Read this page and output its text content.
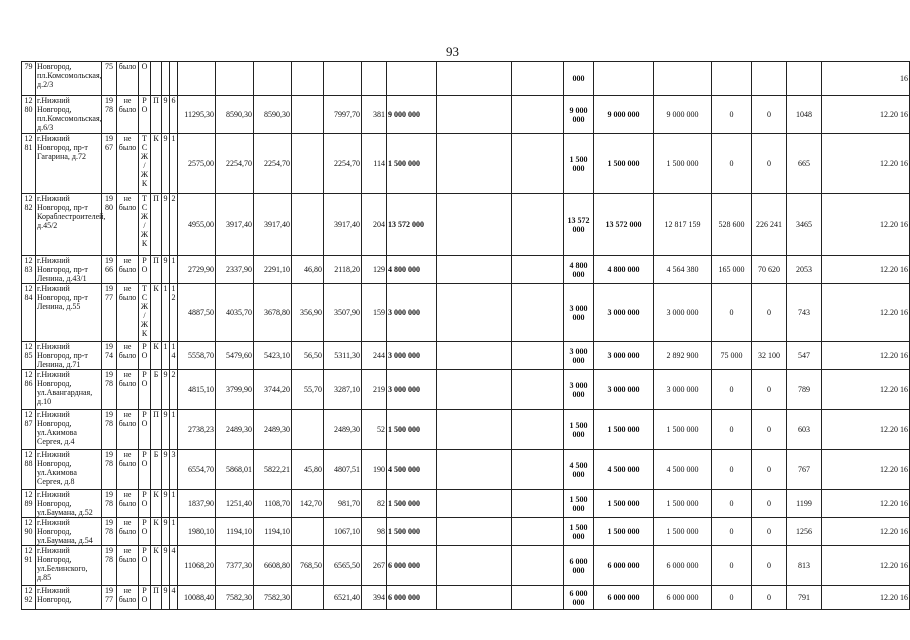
93
79	Новгород, пл.Комсомольская, д.2/3	75	было	О													000						16
12 80	г.Нижний Новгород, пл.Комсомольская, д.6/3	19 78	не было	Р О	П	9	6	11295,30	8590,30	8590,30		7997,70	381	9 000 000			9 000 000	9 000 000	9 000 000	0	0	1048	12.20 16
12 81	г.Нижний Новгород, пр-т Гагарина, д.72	19 67	не было	Т С Ж / Ж К	К	9	1	2575,00	2254,70	2254,70		2254,70	114	1 500 000			1 500 000	1 500 000	1 500 000	0	0	665	12.20 16
12 82	г.Нижний Новгород, пр-т Кораблестроителей, д.45/2	19 80	не было	Т С Ж / Ж К	П	9	2	4955,00	3917,40	3917,40		3917,40	204	13 572 000			13 572 000	13 572 000	12 817 159	528 600	226 241	3465	12.20 16
12 83	г.Нижний Новгород, пр-т Ленина, д.43/1	19 66	не было	Р О	П	9	1	2729,90	2337,90	2291,10	46,80	2118,20	129	4 800 000			4 800 000	4 800 000	4 564 380	165 000	70 620	2053	12.20 16
12 84	г.Нижний Новгород, пр-т Ленина, д.55	19 77	не было	Т С Ж / Ж К	К	1	1 2	4887,50	4035,70	3678,80	356,90	3507,90	159	3 000 000			3 000 000	3 000 000	3 000 000	0	0	743	12.20 16
12 85	г.Нижний Новгород, пр-т Ленина, д.71	19 74	не было	Р О	К	1	1 4	5558,70	5479,60	5423,10	56,50	5311,30	244	3 000 000			3 000 000	3 000 000	2 892 900	75 000	32 100	547	12.20 16
12 86	г.Нижний Новгород, ул.Авангардная, д.10	19 78	не было	Р О	Б	9	2	4815,10	3799,90	3744,20	55,70	3287,10	219	3 000 000			3 000 000	3 000 000	3 000 000	0	0	789	12.20 16
12 87	г.Нижний Новгород, ул.Акимова Сергея, д.4	19 78	не было	Р О	П	9	1	2738,23	2489,30	2489,30		2489,30	52	1 500 000			1 500 000	1 500 000	1 500 000	0	0	603	12.20 16
12 88	г.Нижний Новгород, ул.Акимова Сергея, д.8	19 78	не было	Р О	Б	9	3	6554,70	5868,01	5822,21	45,80	4807,51	190	4 500 000			4 500 000	4 500 000	4 500 000	0	0	767	12.20 16
12 89	г.Нижний Новгород, ул.Баумана, д.52	19 78	не было	Р О	К	9	1	1837,90	1251,40	1108,70	142,70	981,70	82	1 500 000			1 500 000	1 500 000	1 500 000	0	0	1199	12.20 16
12 90	г.Нижний Новгород, ул.Баумана, д.54	19 78	не было	Р О	К	9	1	1980,10	1194,10	1194,10		1067,10	98	1 500 000			1 500 000	1 500 000	1 500 000	0	0	1256	12.20 16
12 91	г.Нижний Новгород, ул.Белинского, д.85	19 78	не было	Р О	К	9	4	11068,20	7377,30	6608,80	768,50	6565,50	267	6 000 000			6 000 000	6 000 000	6 000 000	0	0	813	12.20 16
12 92	г.Нижний Новгород,	19 77	не было	Р О	П	9	4	10088,40	7582,30	7582,30		6521,40	394	6 000 000			6 000 000	6 000 000	6 000 000	0	0	791	12.20 16
